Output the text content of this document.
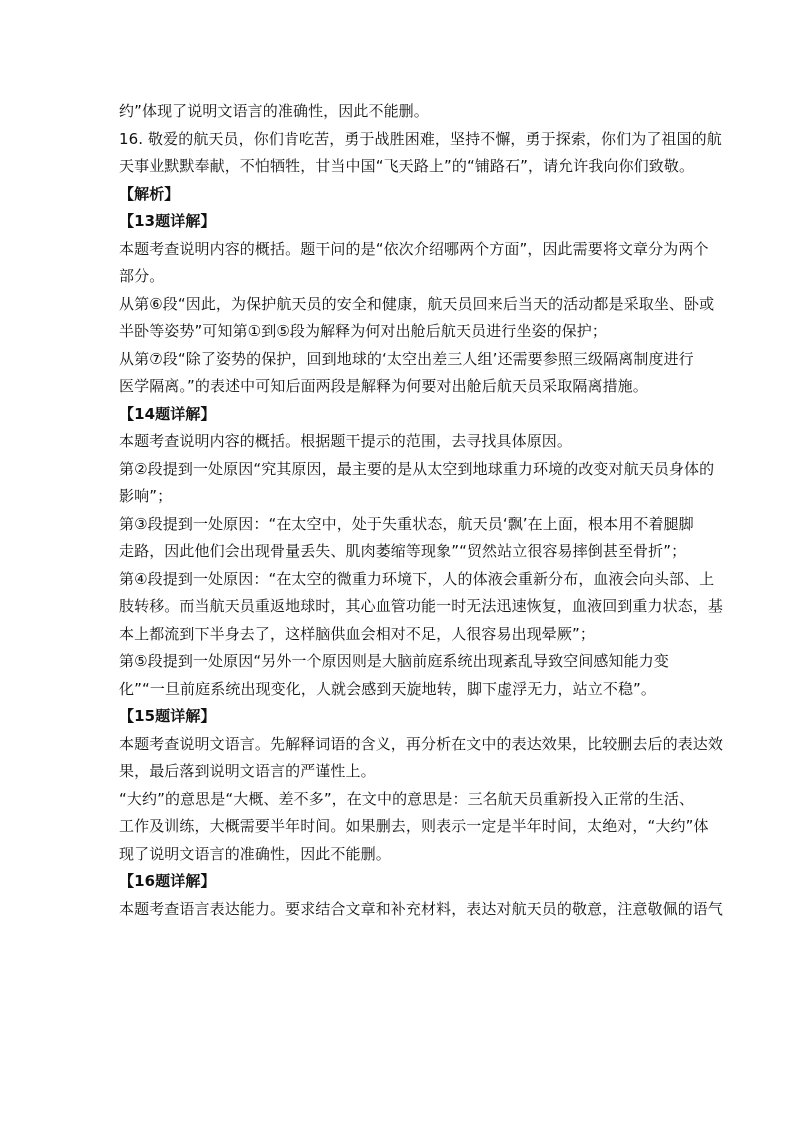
约”体现了说明文语言的准确性，因此不能删。
16. 敬爱的航天员，你们肯吃苦，勇于战胜困难，坚持不懈，勇于探索，你们为了祖国的航
天事业默默奉献，不怕牺牲，甘当中国“飞天路上”的“铺路石”，请允许我向你们致敬。
【解析】
【13题详解】
本题考查说明内容的概括。题干问的是“依次介绍哪两个方面”，因此需要将文章分为两个
部分。
从第⑥段“因此，为保护航天员的安全和健康，航天员回来后当天的活动都是采取坐、卧或
半卧等姿势”可知第①到⑤段为解释为何对出舱后航天员进行坐姿的保护；
从第⑦段“除了姿势的保护，回到地球的‘太空出差三人组’还需要参照三级隔离制度进行
医学隔离。”的表述中可知后面两段是解释为何要对出舱后航天员采取隔离措施。
【14题详解】
本题考查说明内容的概括。根据题干提示的范围，去寻找具体原因。
第②段提到一处原因“究其原因，最主要的是从太空到地球重力环境的改变对航天员身体的
影响”；
第③段提到一处原因：“在太空中，处于失重状态，航天员‘飘’在上面，根本用不着腿脚
走路，因此他们会出现骨量丢失、肌肉萎缩等现象”“贸然站立很容易摔倒甚至骨折”；
第④段提到一处原因：“在太空的微重力环境下，人的体液会重新分布，血液会向头部、上
肢转移。而当航天员重返地球时，其心血管功能一时无法迅速恢复，血液回到重力状态，基
本上都流到下半身去了，这样脑供血会相对不足，人很容易出现晕厥”；
第⑤段提到一处原因“另外一个原因则是大脑前庭系统出现紊乱导致空间感知能力变
化”“一旦前庭系统出现变化，人就会感到天旋地转，脚下虚浮无力，站立不稳”。
【15题详解】
本题考查说明文语言。先解释词语的含义，再分析在文中的表达效果，比较删去后的表达效
果，最后落到说明文语言的严谨性上。
“大约”的意思是“大概、差不多”，在文中的意思是：三名航天员重新投入正常的生活、
工作及训练，大概需要半年时间。如果删去，则表示一定是半年时间，太绝对，“大约”体
现了说明文语言的准确性，因此不能删。
【16题详解】
本题考查语言表达能力。要求结合文章和补充材料，表达对航天员的敬意，注意敬佩的语气
